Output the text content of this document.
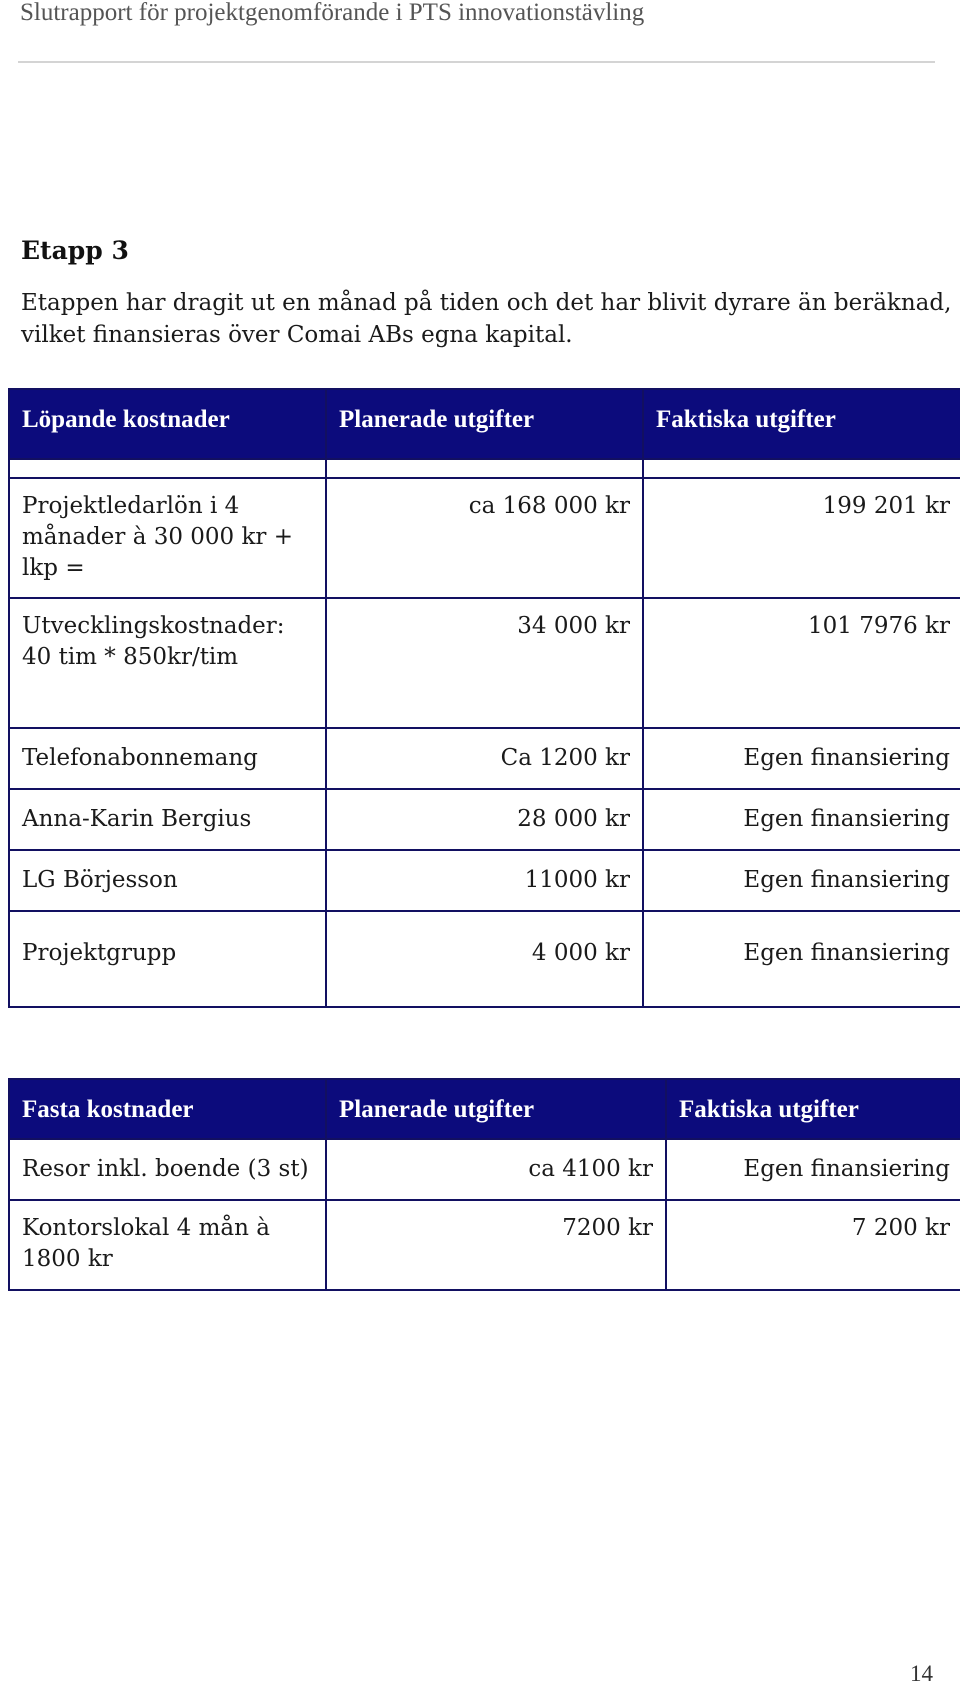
Slutrapport för projektgenomförande i PTS innovationstävling
Etapp 3
Etappen har dragit ut en månad på tiden och det har blivit dyrare än beräknad,
vilket finansieras över Comai ABs egna kapital.
Löpande kostnader	Planerade utgifter	Faktiska utgifter

Projektledarlön i 4
månader à 30 000 kr +
lkp =	ca 168 000 kr	199 201 kr

Utvecklingskostnader:
40 tim * 850kr/tim	34 000 kr	101 7976 kr
Telefonabonnemang	Ca 1200 kr	Egen finansiering
Anna-Karin Bergius	28 000 kr	Egen finansiering
LG Börjesson	11000 kr	Egen finansiering
Projektgrupp	4 000 kr	Egen finansiering
Fasta kostnader	Planerade utgifter	Faktiska utgifter
Resor inkl. boende (3 st)	ca 4100 kr	Egen finansiering

Kontorslokal 4 mån à
1800 kr	7200 kr	7 200 kr
14
